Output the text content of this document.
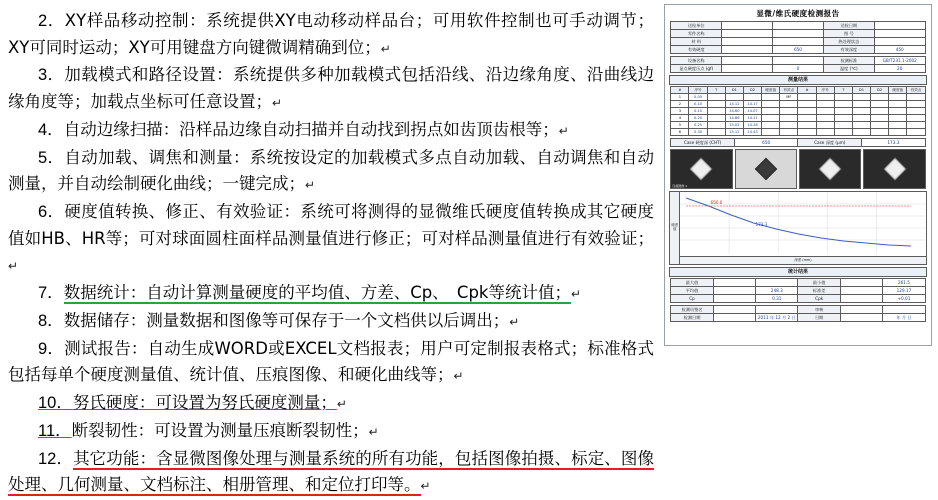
2．XY样品移动控制：系统提供XY电动移动样品台；可用软件控制也可手动调节；XY可同时运动；XY可用键盘方向键微调精确到位；↵

3．加载模式和路径设置：系统提供多种加载模式包括沿线、沿边缘角度、沿曲线边缘角度等；加载点坐标可任意设置；↵

4．自动边缘扫描：沿样品边缘自动扫描并自动找到拐点如齿顶齿根等；↵

5．自动加载、调焦和测量：系统按设定的加载模式多点自动加载、自动调焦和自动测量，并自动绘制硬化曲线；一键完成；↵

6．硬度值转换、修正、有效验证：系统可将测得的显微维氏硬度值转换成其它硬度值如HB、HR等；可对球面圆柱面样品测量值进行修正；可对样品测量值进行有效验证；↵

7．数据统计：自动计算测量硬度的平均值、方差、Cp、　Cpk等统计值；↵

8．数据储存：测量数据和图像等可保存于一个文档供以后调出；↵

9．测试报告：自动生成WORD或EXCEL文档报表；用户可定制报表格式；标准格式包括每单个硬度测量值、统计值、压痕图像、和硬化曲线等；↵

10．努氏硬度：可设置为努氏硬度测量；↵

11．断裂韧性：可设置为测量压痕断裂韧性；↵

12．其它功能：含显微图像处理与测量系统的所有功能，包括图像拍摄、标定、图像处理、几何测量、文档标注、相册管理、和定位打印等。↵

显微/维氏硬度检测报告
送检单位			送检日期	
零件名称			图 号	
材 料			热处理状态	
有效硬度		650	有效深度	450
设备名称			检测标准	GB/T231.1-2002
显点硬度压点 (gf)		0	温度 (℃)	20
测量结果
#	序号	T	D1	D2	硬度值	有效点	#	序号	T	D1	D2	硬度值	有效点
1	0.05					MF							
2	0.10		14.12	14.17									
3	0.15		14.60	14.07									
4	0.20		14.86	14.11									
5	0.25		15.02	14.28									
6	0.30		15.12	14.43									
Case 硬度深 (CHT)	650	Case 深度 (μm)	173.3
压痕图像 1
硬度值
650.0
173.3
深度 (mm)
统计结果
最大值			最小值		261.5
平均值		248.3	标准差		129.17
Cp		0.31	Cpk		+0.01
检测员签名			审核		
检测日期		2011 年 12 月 2 日	日期		年 月 日
